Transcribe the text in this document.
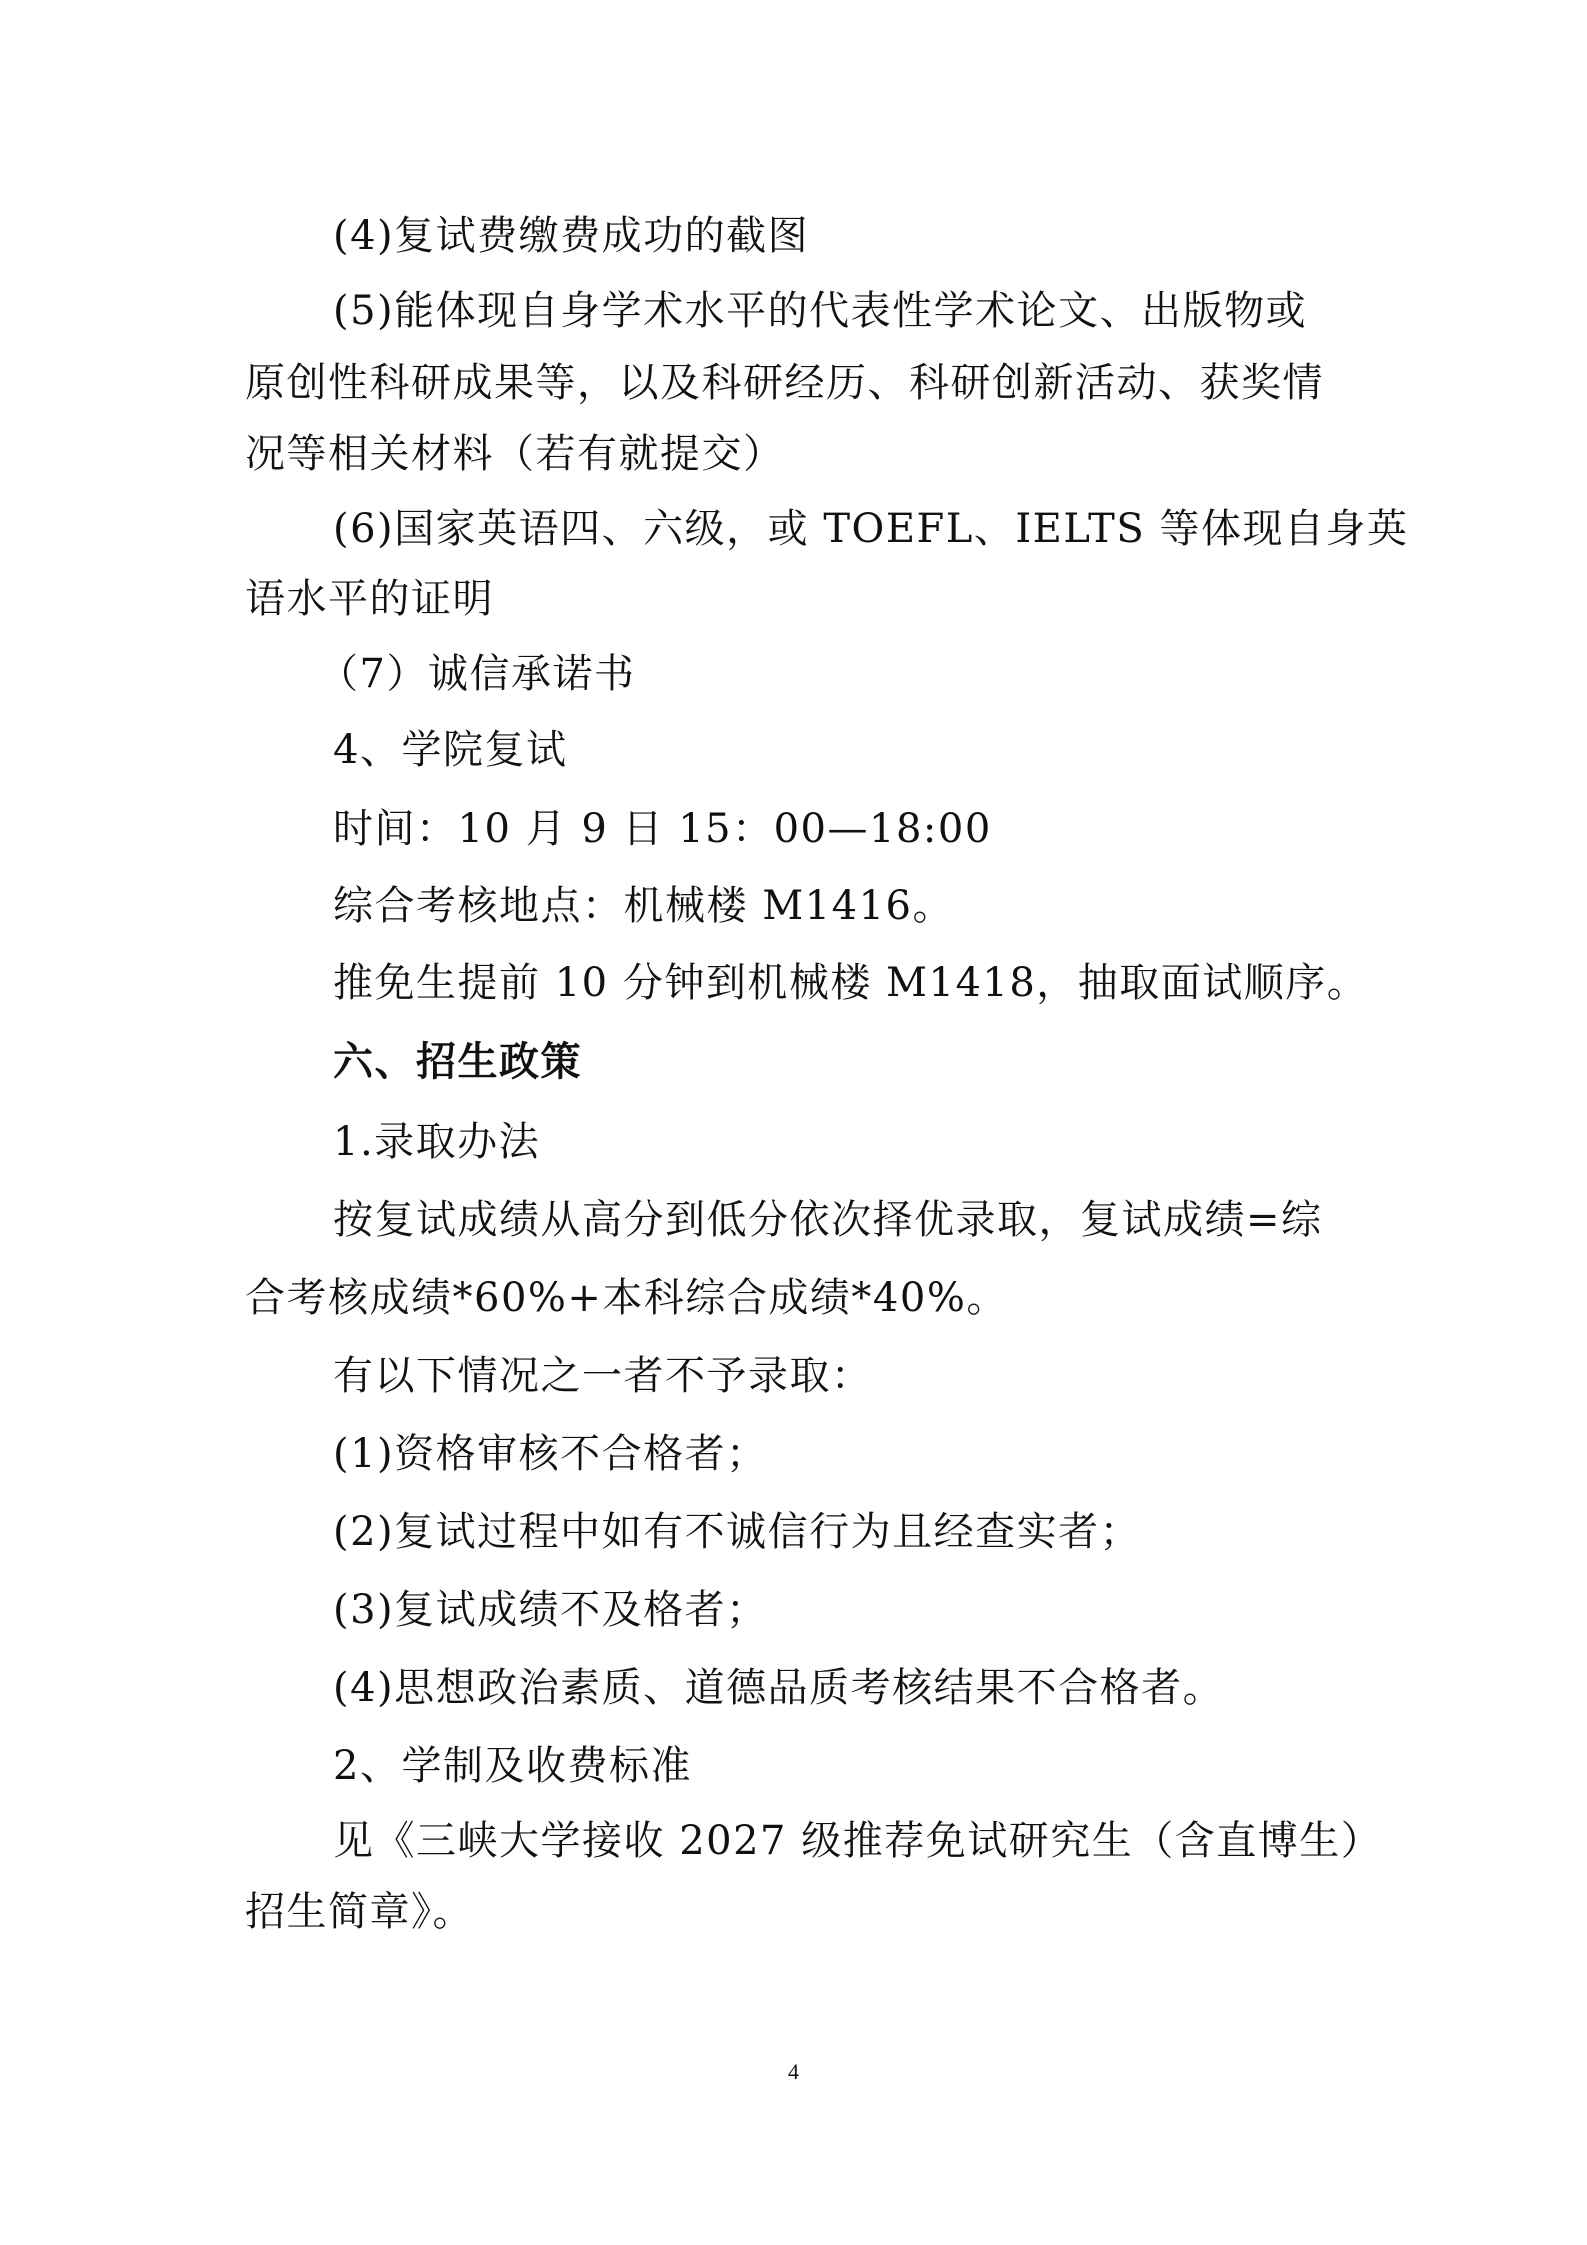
(4)复试费缴费成功的截图
(5)能体现自身学术水平的代表性学术论文、出版物或
原创性科研成果等，以及科研经历、科研创新活动、获奖情
况等相关材料（若有就提交）
(6)国家英语四、六级，或 TOEFL、IELTS 等体现自身英
语水平的证明
（7）诚信承诺书
4、学院复试
时间：10 月 9 日 15：00—18:00
综合考核地点：机械楼 M1416。
推免生提前 10 分钟到机械楼 M1418，抽取面试顺序。
六、招生政策
1.录取办法
按复试成绩从高分到低分依次择优录取，复试成绩=综
合考核成绩*60%+本科综合成绩*40%。
有以下情况之一者不予录取：
(1)资格审核不合格者；
(2)复试过程中如有不诚信行为且经查实者；
(3)复试成绩不及格者；
(4)思想政治素质、道德品质考核结果不合格者。
2、学制及收费标准
见《三峡大学接收 2027 级推荐免试研究生（含直博生）
招生简章》。
4
